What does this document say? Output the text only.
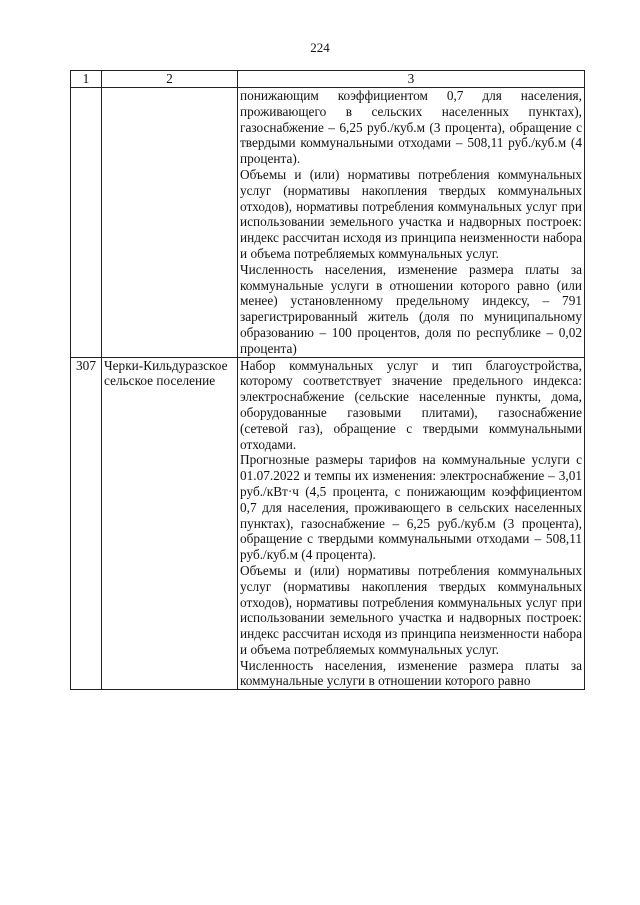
224
1	2	3

		понижающим коэффициентом 0,7 для населения, проживающего в сельских населенных пунктах), газоснабжение – 6,25 руб./куб.м (3 процента), обращение с твердыми коммунальными отходами – 508,11 руб./куб.м (4 процента).

Объемы и (или) нормативы потребления коммунальных услуг (нормативы накопления твердых коммунальных отходов), нормативы потребления коммунальных услуг при использовании земельного участка и надворных построек: индекс рассчитан исходя из принципа неизменности набора и объема потребляемых коммунальных услуг.

Численность населения, изменение размера платы за коммунальные услуги в отношении которого равно (или менее) установленному предельному индексу, – 791 зарегистрированный житель (доля по муниципальному образованию – 100 процентов, доля по республике – 0,02 процента)

307	Черки-Кильдуразское сельское поселение	Набор коммунальных услуг и тип благоустройства, которому соответствует значение предельного индекса: электроснабжение (сельские населенные пункты, дома, оборудованные газовыми плитами), газоснабжение (сетевой газ), обращение с твердыми коммунальными отходами.

Прогнозные размеры тарифов на коммунальные услуги с 01.07.2022 и темпы их изменения: электроснабжение – 3,01 руб./кВт·ч (4,5 процента, с понижающим коэффициентом 0,7 для населения, проживающего в сельских населенных пунктах), газоснабжение – 6,25 руб./куб.м (3 процента), обращение с твердыми коммунальными отходами – 508,11 руб./куб.м (4 процента).

Объемы и (или) нормативы потребления коммунальных услуг (нормативы накопления твердых коммунальных отходов), нормативы потребления коммунальных услуг при использовании земельного участка и надворных построек: индекс рассчитан исходя из принципа неизменности набора и объема потребляемых коммунальных услуг.

Численность населения, изменение размера платы за коммунальные услуги в отношении которого равно
